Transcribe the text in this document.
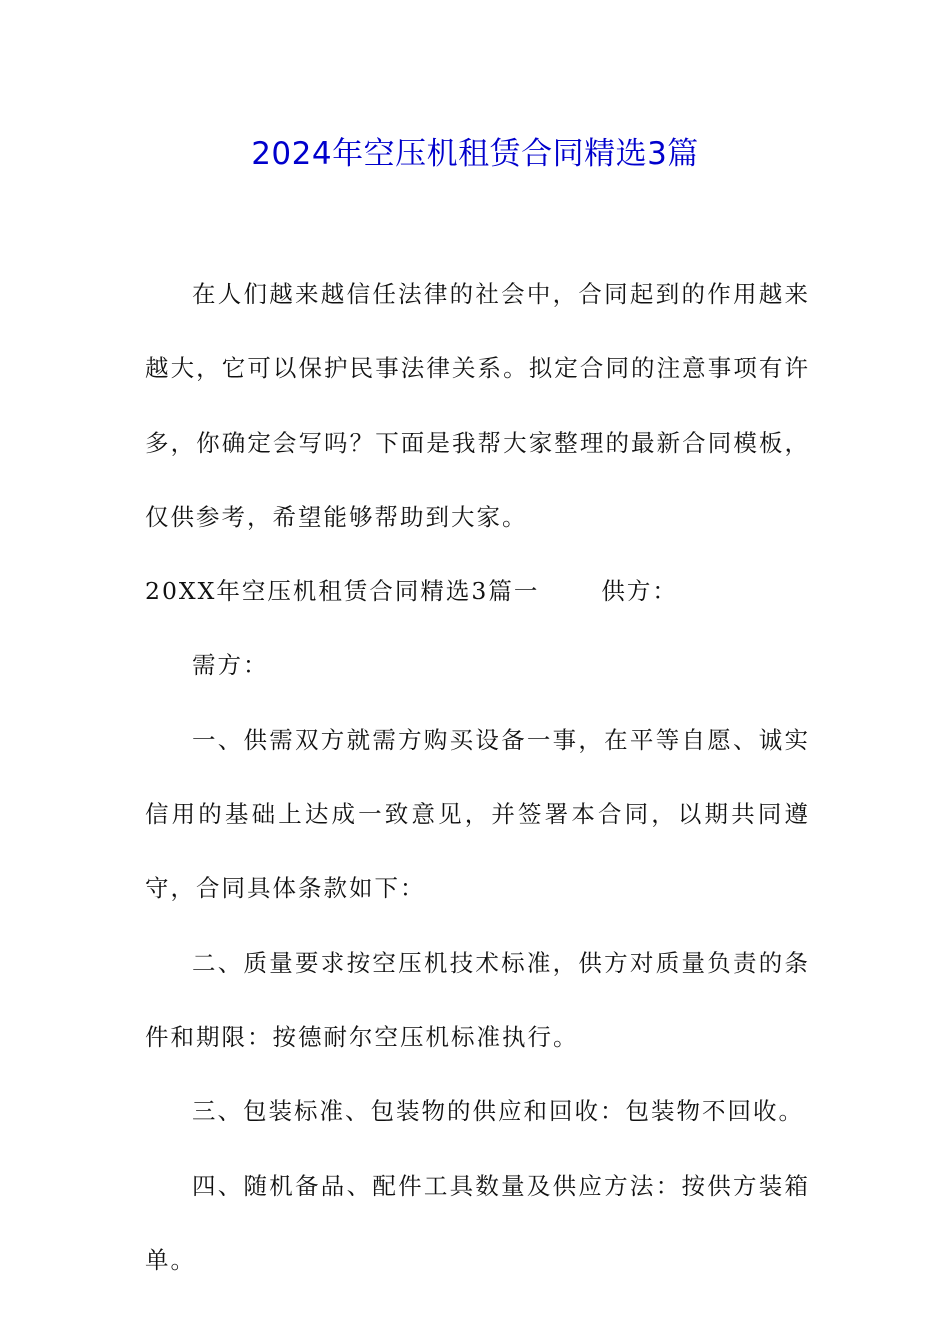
2024年空压机租赁合同精选3篇

在人们越来越信任法律的社会中，合同起到的作用越来越大，它可以保护民事法律关系。拟定合同的注意事项有许多，你确定会写吗？下面是我帮大家整理的最新合同模板，仅供参考，希望能够帮助到大家。

20XX年空压机租赁合同精选3篇一	供方：

需方：

一、供需双方就需方购买设备一事，在平等自愿、诚实信用的基础上达成一致意见，并签署本合同，以期共同遵守，合同具体条款如下：

二、质量要求按空压机技术标准，供方对质量负责的条件和期限：按德耐尔空压机标准执行。

三、包装标准、包装物的供应和回收：包装物不回收。

四、随机备品、配件工具数量及供应方法：按供方装箱单。
